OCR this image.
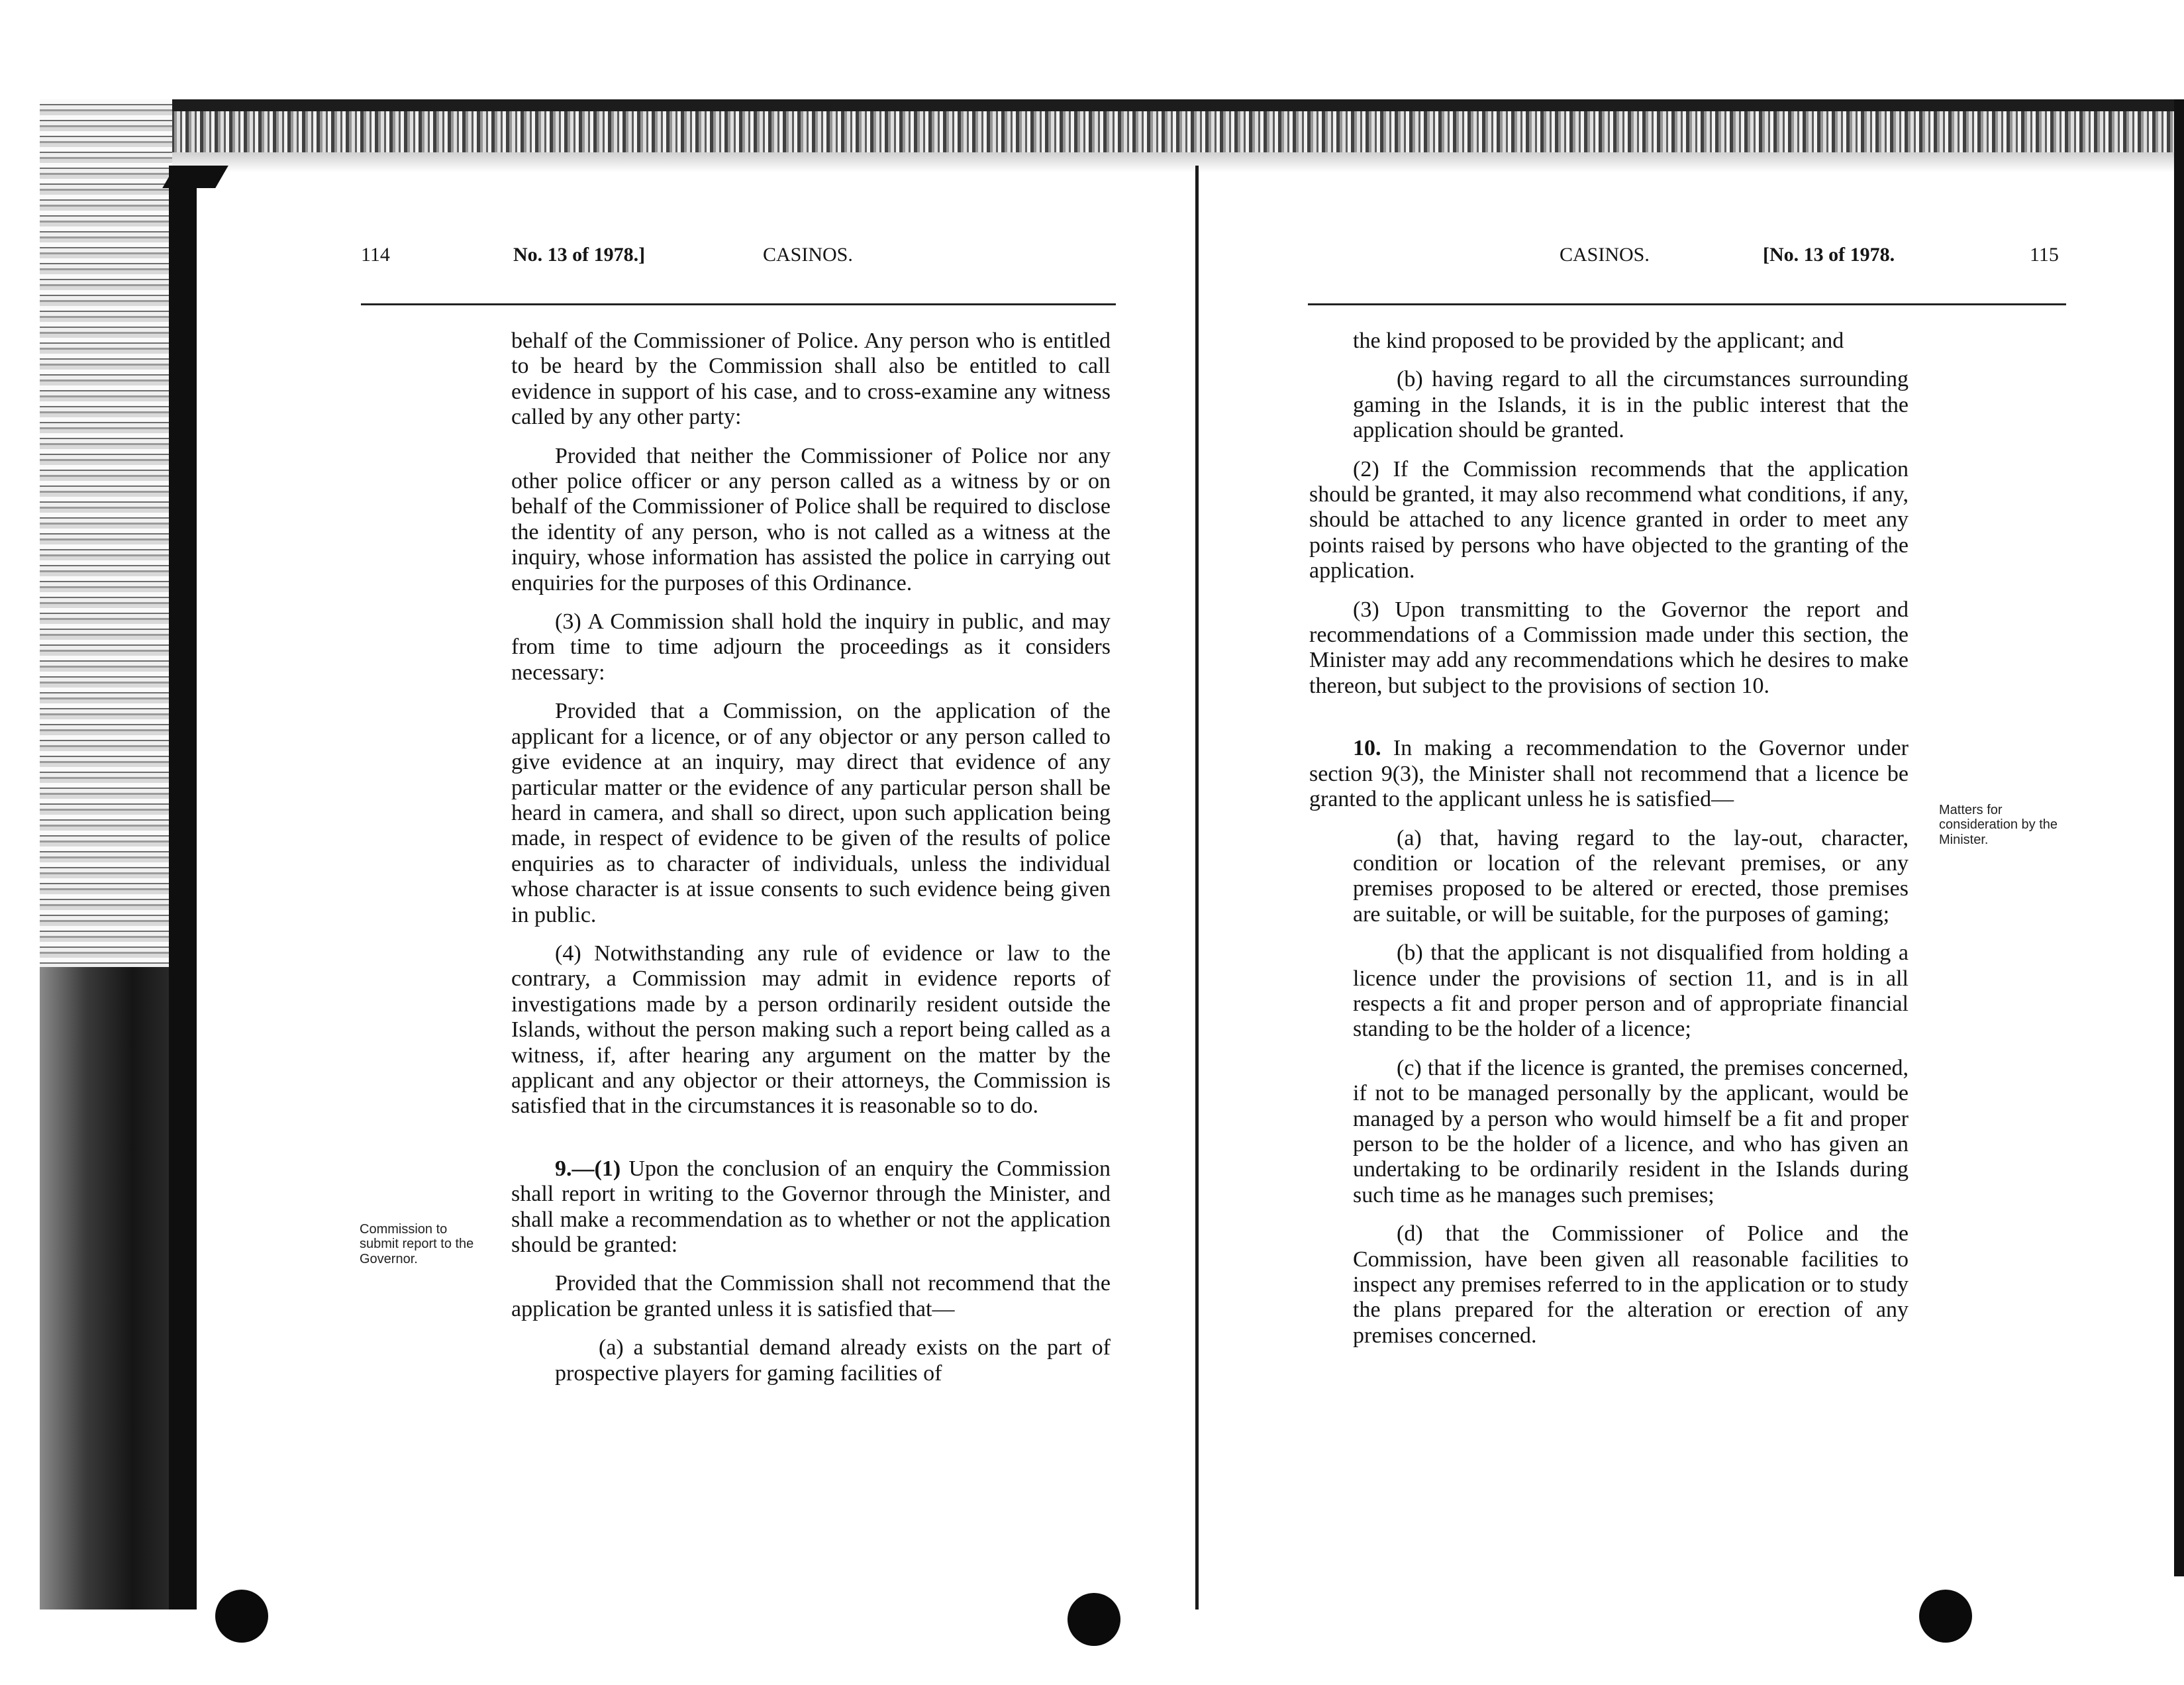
114	No. 13 of 1978.]	CASINOS.

behalf of the Commissioner of Police. Any person who is entitled to be heard by the Commission shall also be entitled to call evidence in support of his case, and to cross-examine any witness called by any other party:

Provided that neither the Commissioner of Police nor any other police officer or any person called as a witness by or on behalf of the Commissioner of Police shall be required to disclose the identity of any person, who is not called as a witness at the inquiry, whose information has assisted the police in carrying out enquiries for the purposes of this Ordinance.

(3) A Commission shall hold the inquiry in public, and may from time to time adjourn the proceedings as it considers necessary:

Provided that a Commission, on the application of the applicant for a licence, or of any objector or any person called to give evidence at an inquiry, may direct that evidence of any particular matter or the evidence of any particular person shall be heard in camera, and shall so direct, upon such application being made, in respect of evidence to be given of the results of police enquiries as to character of individuals, unless the individual whose character is at issue consents to such evidence being given in public.

(4) Notwithstanding any rule of evidence or law to the contrary, a Commission may admit in evidence reports of investigations made by a person ordinarily resident outside the Islands, without the person making such a report being called as a witness, if, after hearing any argument on the matter by the applicant and any objector or their attorneys, the Commission is satisfied that in the circumstances it is reasonable so to do.

9.—(1) Upon the conclusion of an enquiry the Commission shall report in writing to the Governor through the Minister, and shall make a recommendation as to whether or not the application should be granted:

Provided that the Commission shall not recommend that the application be granted unless it is satisfied that—

(a) a substantial demand already exists on the part of prospective players for gaming facilities of

Commission to submit report to the Governor.
CASINOS.	[No. 13 of 1978.	115

the kind proposed to be provided by the applicant; and

(b) having regard to all the circumstances surrounding gaming in the Islands, it is in the public interest that the application should be granted.

(2) If the Commission recommends that the application should be granted, it may also recommend what conditions, if any, should be attached to any licence granted in order to meet any points raised by persons who have objected to the granting of the application.

(3) Upon transmitting to the Governor the report and recommendations of a Commission made under this section, the Minister may add any recommendations which he desires to make thereon, but subject to the provisions of section 10.

10. In making a recommendation to the Governor under section 9(3), the Minister shall not recommend that a licence be granted to the applicant unless he is satisfied—

(a) that, having regard to the lay-out, character, condition or location of the relevant premises, or any premises proposed to be altered or erected, those premises are suitable, or will be suitable, for the purposes of gaming;

(b) that the applicant is not disqualified from holding a licence under the provisions of section 11, and is in all respects a fit and proper person and of appropriate financial standing to be the holder of a licence;

(c) that if the licence is granted, the premises concerned, if not to be managed personally by the applicant, would be managed by a person who would himself be a fit and proper person to be the holder of a licence, and who has given an undertaking to be ordinarily resident in the Islands during such time as he manages such premises;

(d) that the Commissioner of Police and the Commission, have been given all reasonable facilities to inspect any premises referred to in the application or to study the plans prepared for the alteration or erection of any premises concerned.

Matters for consideration by the Minister.
